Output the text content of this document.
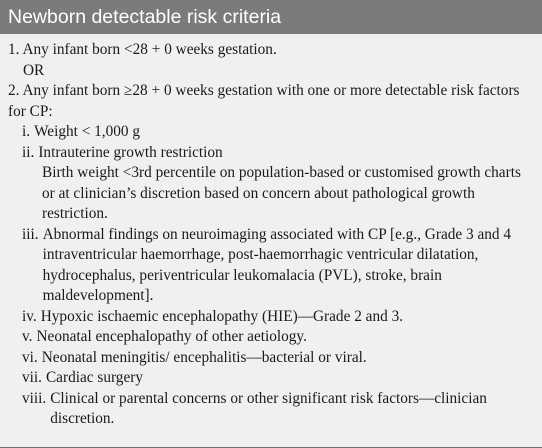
Newborn detectable risk criteria
1. Any infant born <28 + 0 weeks gestation.
OR
2. Any infant born ≥28 + 0 weeks gestation with one or more detectable risk factors
for CP:
i. Weight < 1,000 g
ii. Intrauterine growth restriction
Birth weight <3rd percentile on population-based or customised growth charts
or at clinician’s discretion based on concern about pathological growth
restriction.
iii. Abnormal findings on neuroimaging associated with CP [e.g., Grade 3 and 4
intraventricular haemorrhage, post-haemorrhagic ventricular dilatation,
hydrocephalus, periventricular leukomalacia (PVL), stroke, brain
maldevelopment].
iv. Hypoxic ischaemic encephalopathy (HIE)—Grade 2 and 3.
v. Neonatal encephalopathy of other aetiology.
vi. Neonatal meningitis/ encephalitis—bacterial or viral.
vii. Cardiac surgery
viii. Clinical or parental concerns or other significant risk factors—clinician
discretion.
